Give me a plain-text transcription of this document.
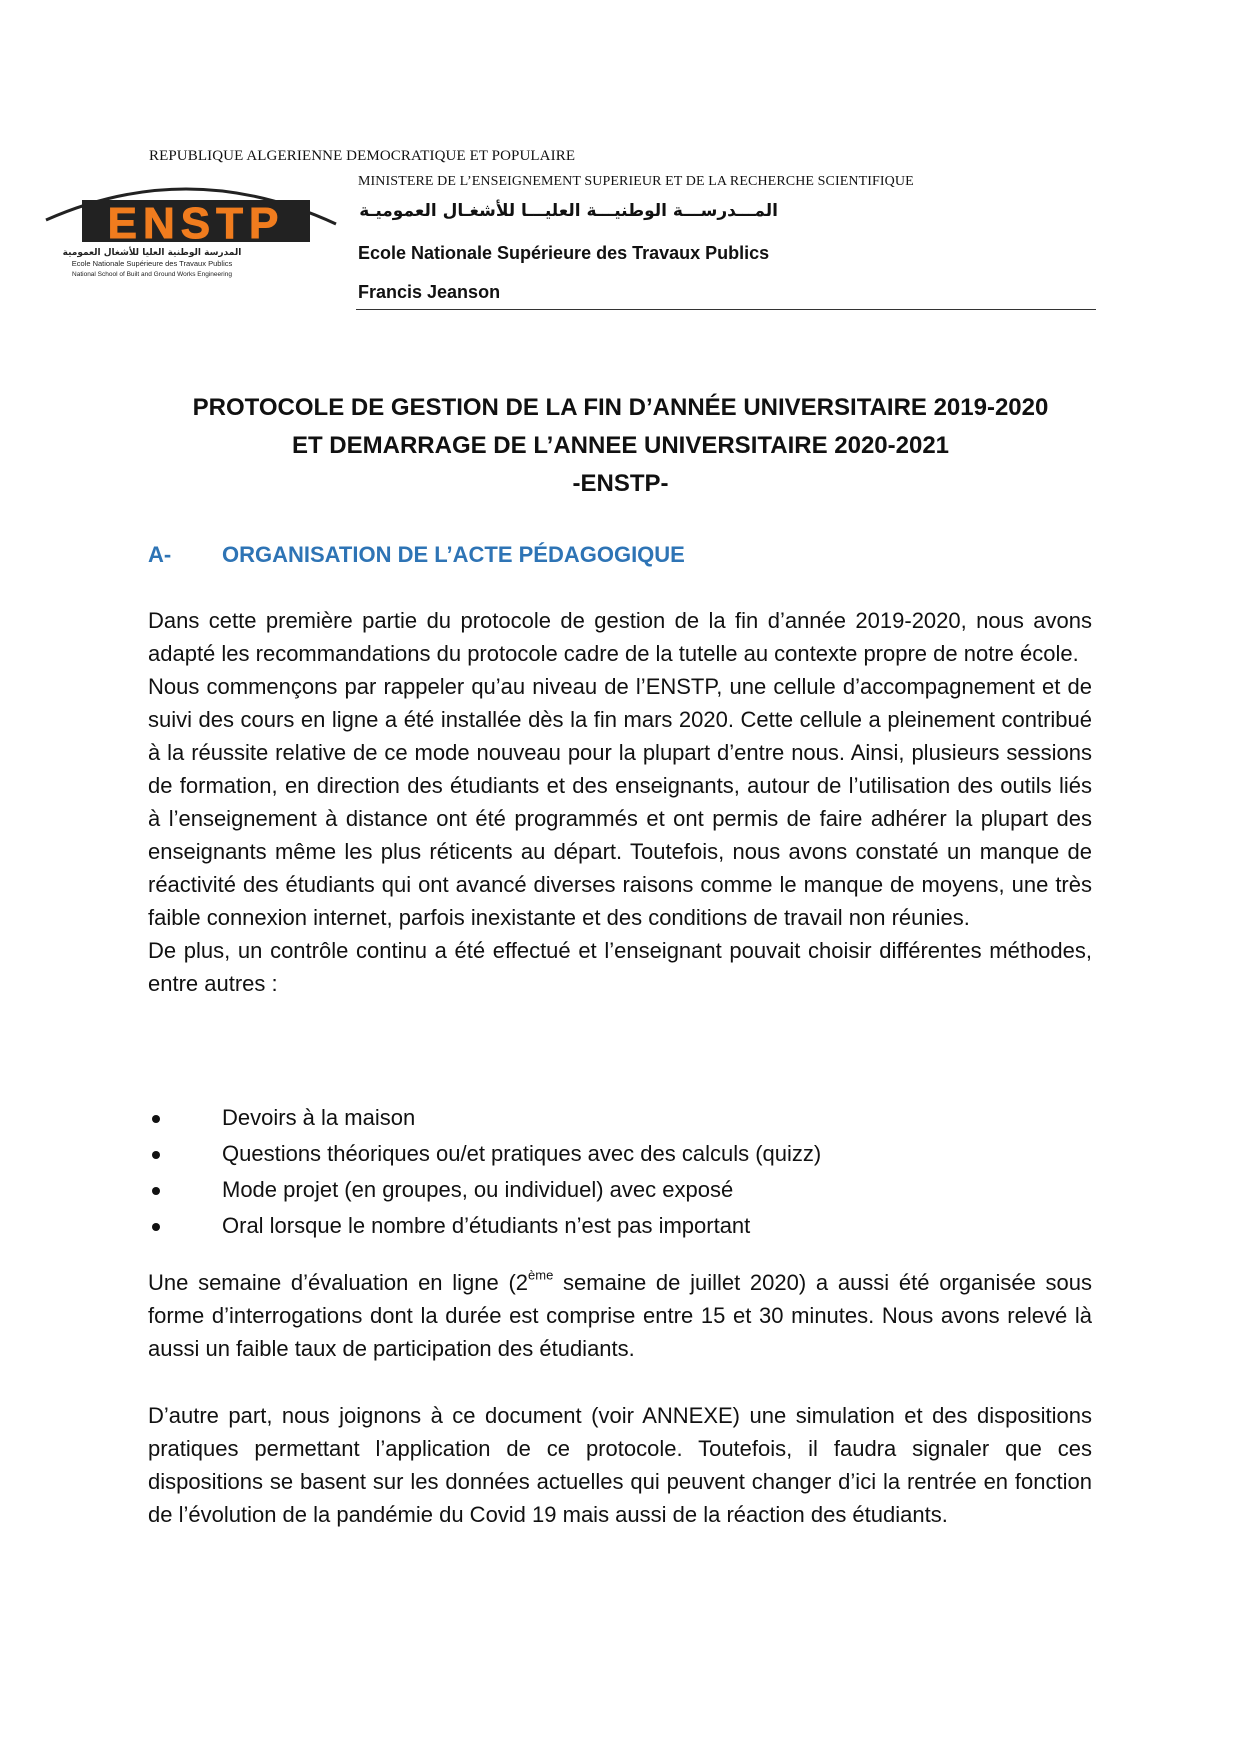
REPUBLIQUE ALGERIENNE DEMOCRATIQUE ET POPULAIRE
MINISTERE DE L’ENSEIGNEMENT SUPERIEUR ET DE LA RECHERCHE SCIENTIFIQUE
المـــدرســـة الوطنيـــة العليـــا للأشغـال العموميـة
Ecole Nationale Supérieure des Travaux Publics
Francis Jeanson
ENSTP
المدرسة الوطنية العليا للأشغال العمومية
Ecole Nationale Supérieure des Travaux Publics
National School of Built and Ground Works Engineering
PROTOCOLE DE GESTION DE LA FIN D’ANNÉE UNIVERSITAIRE 2019-2020
ET DEMARRAGE DE L’ANNEE UNIVERSITAIRE 2020-2021
-ENSTP-
A- ORGANISATION DE L’ACTE PÉDAGOGIQUE

Dans cette première partie du protocole de gestion de la fin d’année 2019-2020, nous avons adapté les recommandations du protocole cadre de la tutelle au contexte propre de notre école.

Nous commençons par rappeler qu’au niveau de l’ENSTP, une cellule d’accompagnement et de suivi des cours en ligne a été installée dès la fin mars 2020. Cette cellule a pleinement contribué à la réussite relative de ce mode nouveau pour la plupart d’entre nous. Ainsi, plusieurs sessions de formation, en direction des étudiants et des enseignants, autour de l’utilisation des outils liés à l’enseignement à distance ont été programmés et ont permis de faire adhérer la plupart des enseignants même les plus réticents au départ. Toutefois, nous avons constaté un manque de réactivité des étudiants qui ont avancé diverses raisons comme le manque de moyens, une très faible connexion internet, parfois inexistante et des conditions de travail non réunies.

De plus, un contrôle continu a été effectué et l’enseignant pouvait choisir différentes méthodes, entre autres :

Devoirs à la maison
Questions théoriques ou/et pratiques avec des calculs (quizz)
Mode projet (en groupes, ou individuel) avec exposé
Oral lorsque le nombre d’étudiants n’est pas important

Une semaine d’évaluation en ligne (2ème semaine de juillet 2020) a aussi été organisée sous forme d’interrogations dont la durée est comprise entre 15 et 30 minutes. Nous avons relevé là aussi un faible taux de participation des étudiants.

D’autre part, nous joignons à ce document (voir ANNEXE) une simulation et des dispositions pratiques permettant l’application de ce protocole. Toutefois, il faudra signaler que ces dispositions se basent sur les données actuelles qui peuvent changer d’ici la rentrée en fonction de l’évolution de la pandémie du Covid 19 mais aussi de la réaction des étudiants.
